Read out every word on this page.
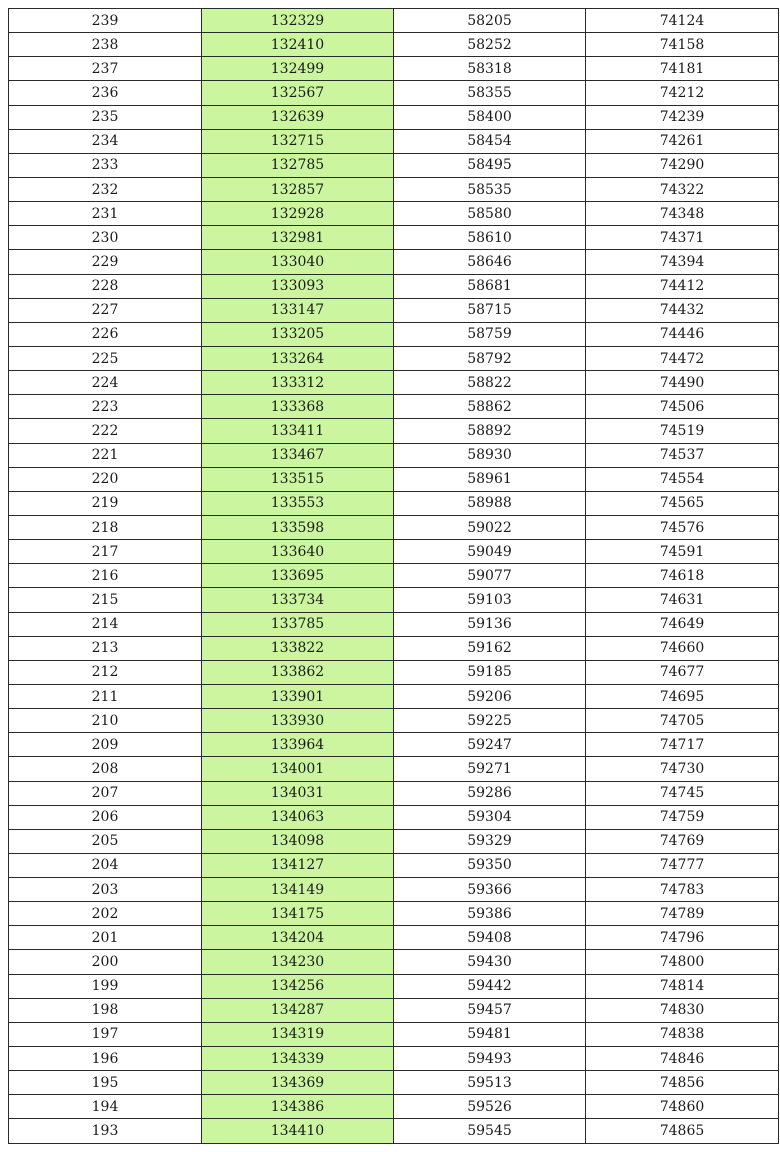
239	132329	58205	74124
238	132410	58252	74158
237	132499	58318	74181
236	132567	58355	74212
235	132639	58400	74239
234	132715	58454	74261
233	132785	58495	74290
232	132857	58535	74322
231	132928	58580	74348
230	132981	58610	74371
229	133040	58646	74394
228	133093	58681	74412
227	133147	58715	74432
226	133205	58759	74446
225	133264	58792	74472
224	133312	58822	74490
223	133368	58862	74506
222	133411	58892	74519
221	133467	58930	74537
220	133515	58961	74554
219	133553	58988	74565
218	133598	59022	74576
217	133640	59049	74591
216	133695	59077	74618
215	133734	59103	74631
214	133785	59136	74649
213	133822	59162	74660
212	133862	59185	74677
211	133901	59206	74695
210	133930	59225	74705
209	133964	59247	74717
208	134001	59271	74730
207	134031	59286	74745
206	134063	59304	74759
205	134098	59329	74769
204	134127	59350	74777
203	134149	59366	74783
202	134175	59386	74789
201	134204	59408	74796
200	134230	59430	74800
199	134256	59442	74814
198	134287	59457	74830
197	134319	59481	74838
196	134339	59493	74846
195	134369	59513	74856
194	134386	59526	74860
193	134410	59545	74865
